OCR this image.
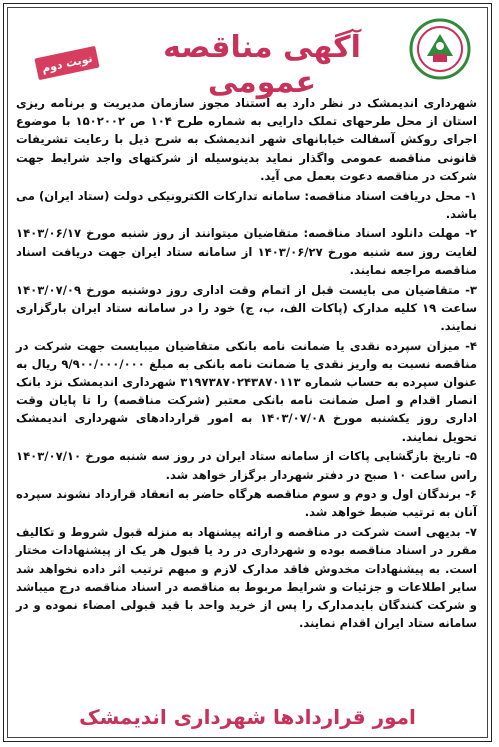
نوبت دوم	آگهی مناقصه عمومی

شهرداری اندیمشک در نظر دارد به استناد مجوز سازمان مدیریت و برنامه ریزی استان از محل طرحهای تملک دارایی به شماره طرح ۱۰۴ ص ۱۵۰۲۰۰۲ با موضوع اجرای روکش آسفالت خیابانهای شهر اندیمشک به شرح ذیل با رعایت تشریفات قانونی مناقصه عمومی واگذار نماید بدینوسیله از شرکتهای واجد شرایط جهت شرکت در مناقصه دعوت بعمل می آید.

۱- محل دریافت اسناد مناقصه: سامانه تدارکات الکترونیکی دولت (ستاد ایران) می باشد.

۲- مهلت دانلود اسناد مناقصه: متقاضیان میتوانند از روز شنبه مورخ ۱۴۰۳/۰۶/۱۷ لغایت روز سه شنبه مورخ ۱۴۰۳/۰۶/۲۷ از سامانه ستاد ایران جهت دریافت اسناد مناقصه مراجعه نمایند.

۳- متقاضیان می بایست قبل از اتمام وقت اداری روز دوشنبه مورخ ۱۴۰۳/۰۷/۰۹ ساعت ۱۹ کلیه مدارک (پاکات الف، ب، ج) خود را در سامانه ستاد ایران بارگزاری نمایند.

۴- میزان سپرده نقدی یا ضمانت نامه بانکی متقاضیان میبایست جهت شرکت در مناقصه نسبت به واریز نقدی یا ضمانت نامه بانکی به مبلغ ۹/۹۰۰/۰۰۰/۰۰۰ ریال به عنوان سپرده به حساب شماره ۳۱۹۷۳۸۷۰۲۴۳۸۷۰۱۱۳ شهرداری اندیمشک نزد بانک انصار اقدام و اصل ضمانت نامه بانکی معتبر (شرکت مناقصه) را تا پایان وقت اداری روز یکشنبه مورخ ۱۴۰۳/۰۷/۰۸ به امور قراردادهای شهرداری اندیمشک تحویل نمایند.

۵- تاریخ بازگشایی پاکات از سامانه ستاد ایران در روز سه شنبه مورخ ۱۴۰۳/۰۷/۱۰ راس ساعت ۱۰ صبح در دفتر شهردار برگزار خواهد شد.

۶- برندگان اول و دوم و سوم مناقصه هرگاه حاضر به انعقاد قرارداد نشوند سپرده آنان به ترتیب ضبط خواهد شد.

۷- بدیهی است شرکت در مناقصه و ارائه پیشنهاد به منزله قبول شروط و تکالیف مقرر در اسناد مناقصه بوده و شهرداری در رد یا قبول هر یک از پیشنهادات مختار است. به پیشنهادات مخدوش فاقد مدارک لازم و مبهم ترتیب اثر داده نخواهد شد سایر اطلاعات و جزئیات و شرایط مربوط به مناقصه در اسناد مناقصه درج میباشد و شرکت کنندگان بایدمدارک را پس از خرید واحد با قید قبولی امضاء نموده و در سامانه ستاد ایران اقدام نمایند.

امور قراردادها شهرداری اندیمشک
